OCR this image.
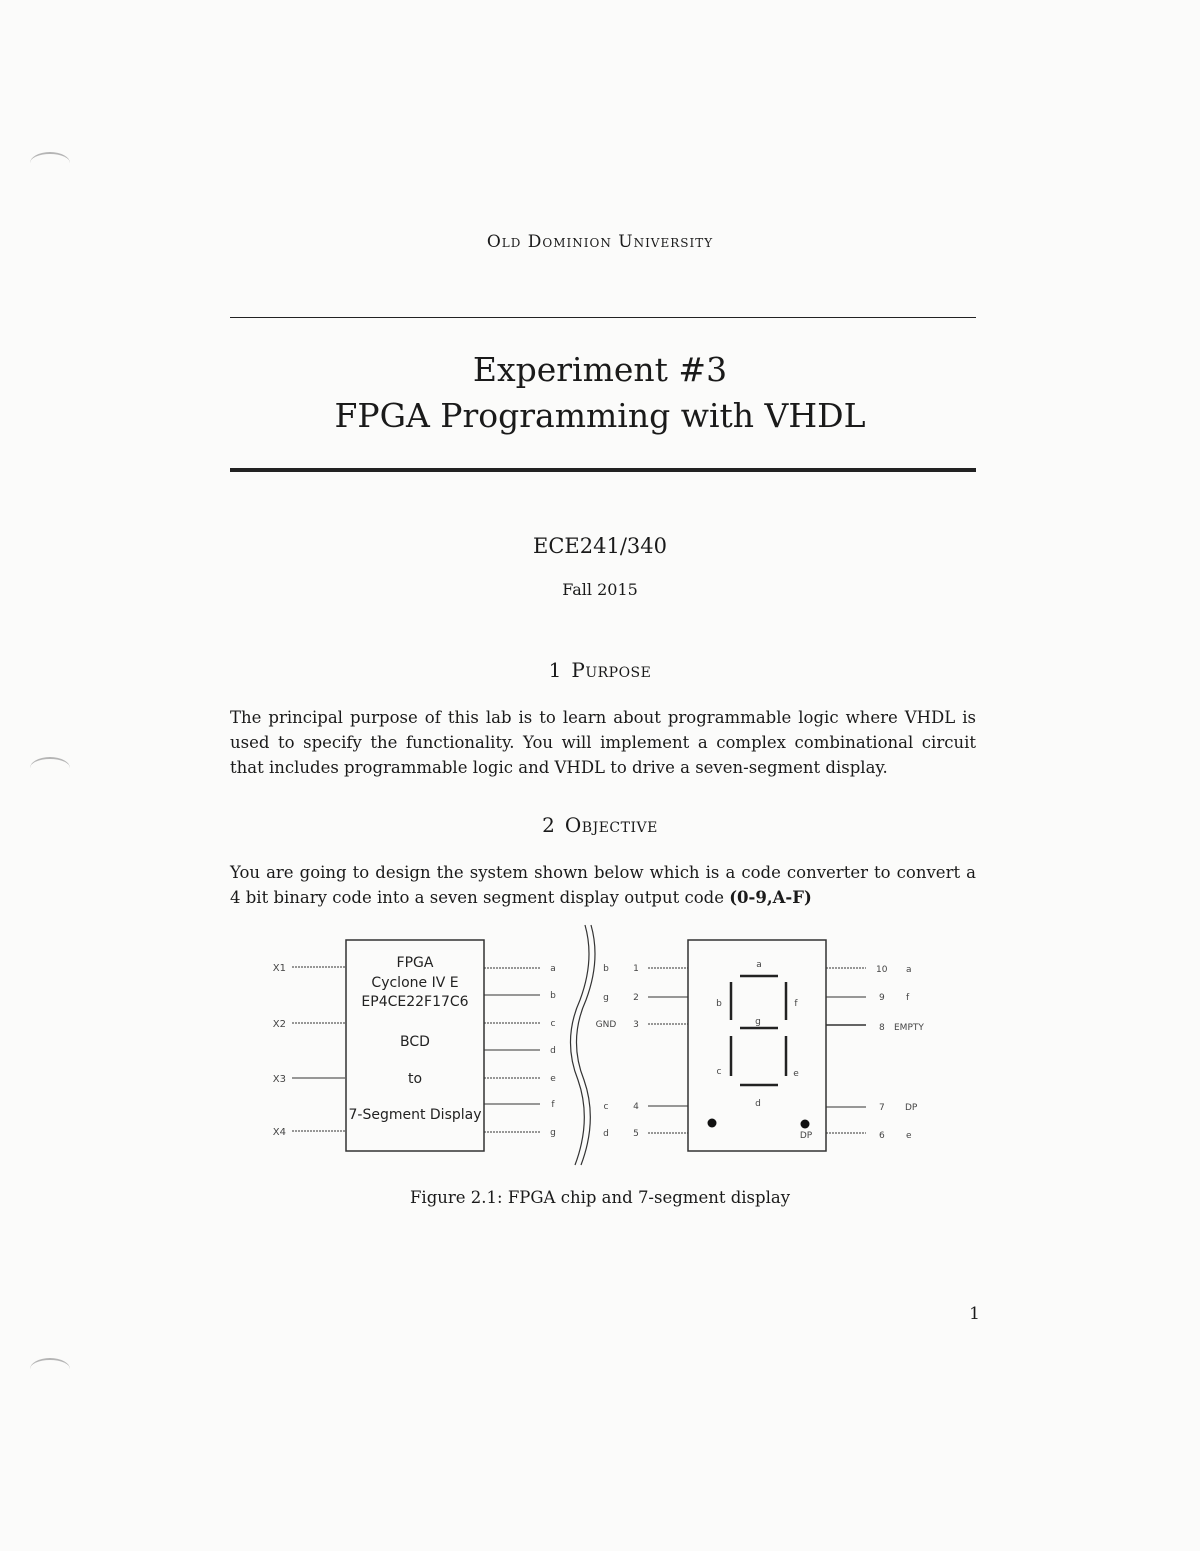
Old Dominion University
Experiment #3
FPGA Programming with VHDL
ECE241/340
Fall 2015
1 Purpose
The principal purpose of this lab is to learn about programmable logic where VHDL is used to specify the functionality. You will implement a complex combinational circuit that includes programmable logic and VHDL to drive a seven-segment display.
2 Objective
You are going to design the system shown below which is a code converter to convert a 4 bit binary code into a seven segment display output code (0-9,A-F)
X1
X2
X3
X4
FPGA
Cyclone IV E
EP4CE22F17C6
BCD
to
7-Segment Display
a
b
c
d
e
f
g
b	1
g	2
GND 3
c	4
d	5
a
b	f
g
c	e
d
DP
10 a
9 f
8 EMPTY
7 DP
6 e
Figure 2.1: FPGA chip and 7-segment display
1
